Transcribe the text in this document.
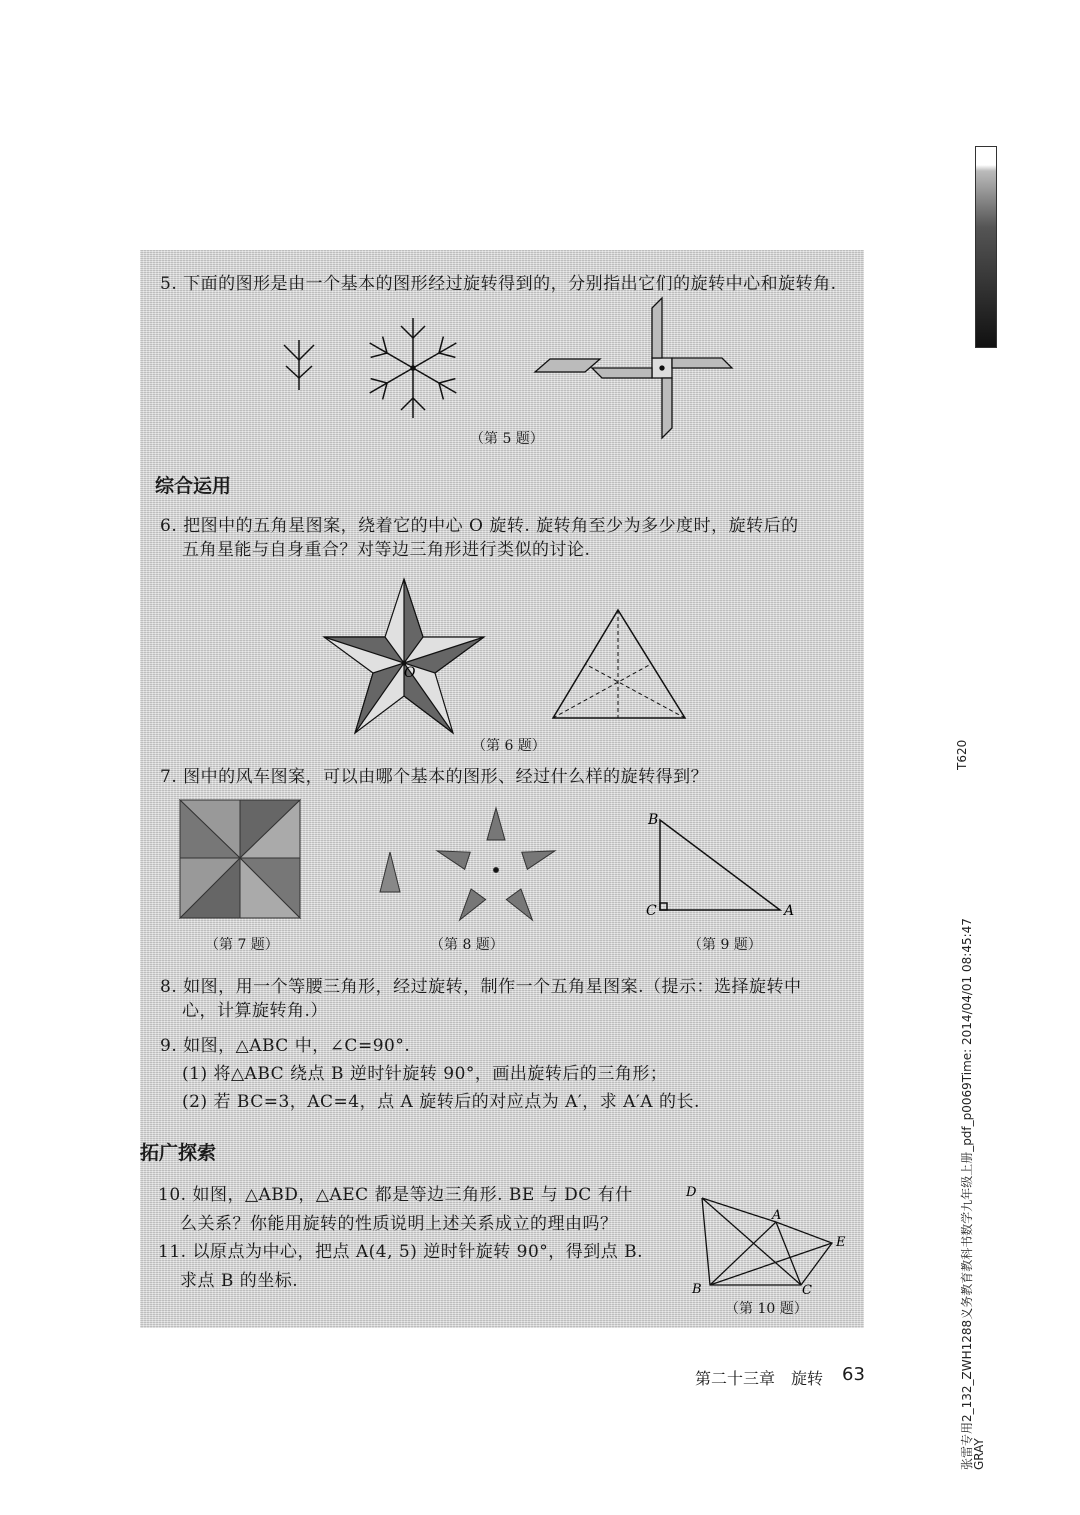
5. 下面的图形是由一个基本的图形经过旋转得到的，分别指出它们的旋转中心和旋转角.
（第 5 题）
综合运用
6. 把图中的五角星图案，绕着它的中心 O 旋转. 旋转角至少为多少度时，旋转后的
五角星能与自身重合？对等边三角形进行类似的讨论.
O
（第 6 题）
7. 图中的风车图案，可以由哪个基本的图形、经过什么样的旋转得到？
B
C	A
（第 7 题）	（第 8 题）	（第 9 题）
8. 如图，用一个等腰三角形，经过旋转，制作一个五角星图案.（提示：选择旋转中
心，计算旋转角.）
9. 如图，△ABC 中，∠C=90°.
(1) 将△ABC 绕点 B 逆时针旋转 90°，画出旋转后的三角形；
(2) 若 BC=3，AC=4，点 A 旋转后的对应点为 A′，求 A′A 的长.
拓广探索
10. 如图，△ABD，△AEC 都是等边三角形. BE 与 DC 有什
么关系？你能用旋转的性质说明上述关系成立的理由吗？
11. 以原点为中心，把点 A(4, 5) 逆时针旋转 90°，得到点 B.
求点 B 的坐标.
D
A
E
B	C
（第 10 题）
第二十三章　旋转 63
T620
张雷专用2_132_ZWH1288义务教育教科书数学九年级上册_pdf_p0069Time: 2014/04/01 08:45:47
GRAY
